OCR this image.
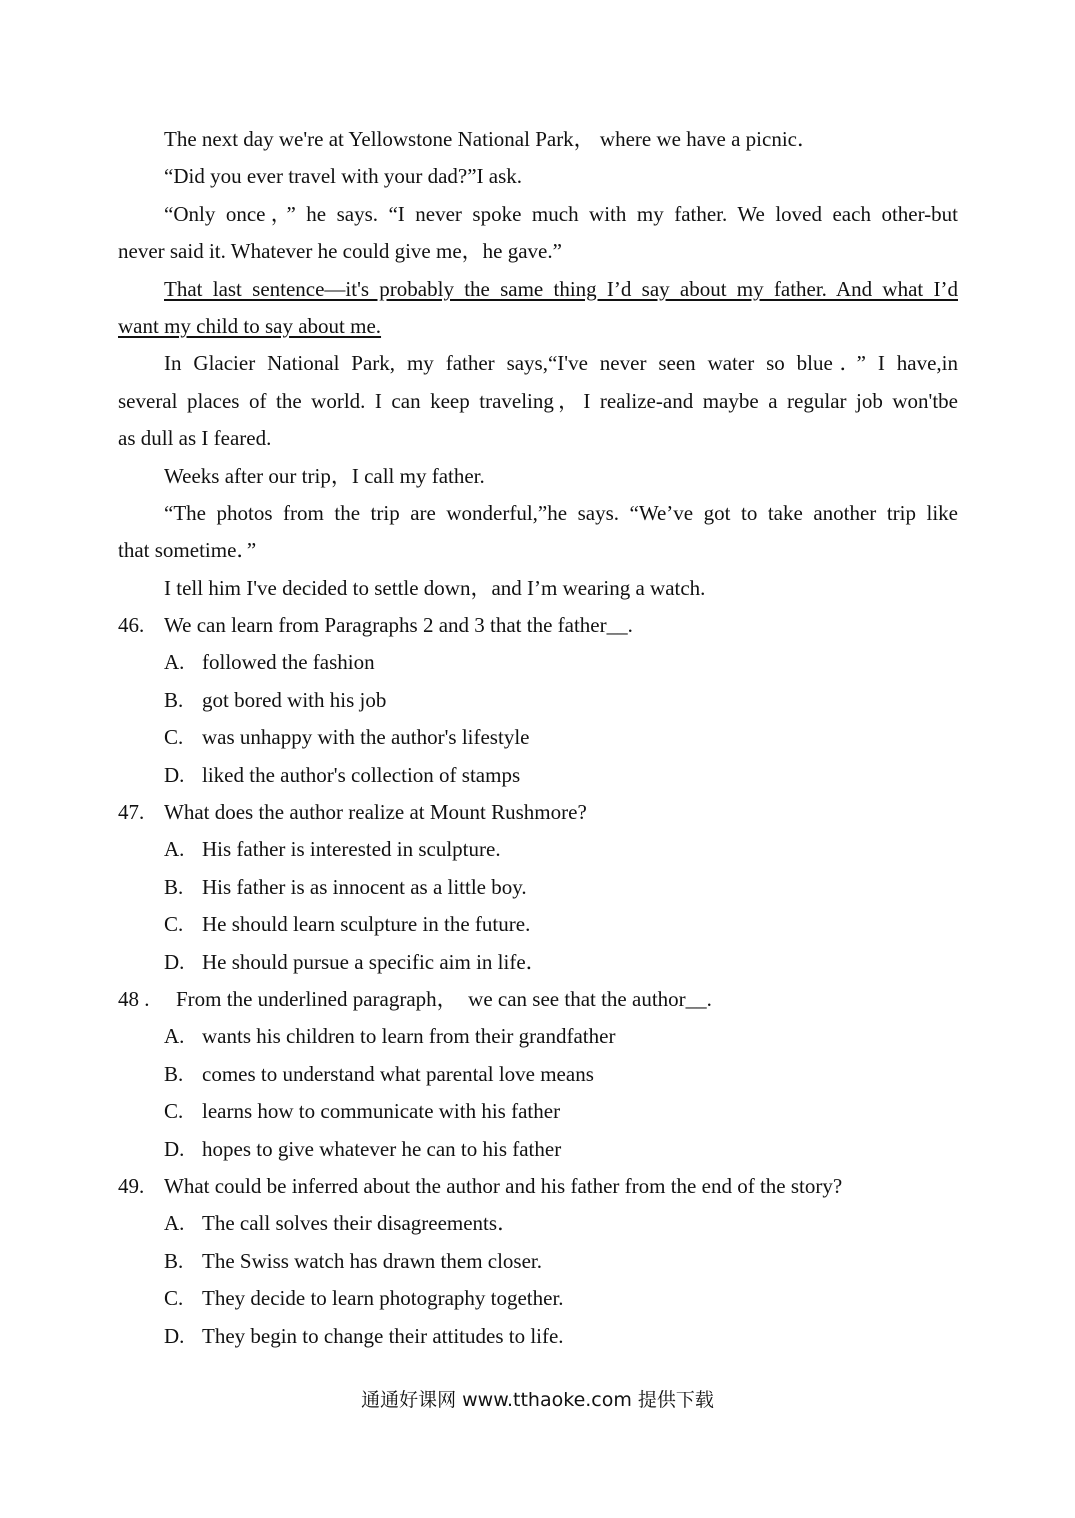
The next day we're at Yellowstone National Park， where we have a picnic．
“Did you ever travel with your dad?”I ask.
“Only once，” he says. “I never spoke much with my father. We loved each other-but
never said it. Whatever he could give me，he gave.”
That last sentence—it's probably the same thing I’d say about my father. And what I’d
want my child to say about me.
In Glacier National Park, my father says,“I've never seen water so blue．” I have,in
several places of the world. I can keep traveling，I realize-and maybe a regular job won'tbe
as dull as I feared.
Weeks after our trip，I call my father.
“The photos from the trip are wonderful,”he says. “We’ve got to take another trip like
that sometime．”
I tell him I've decided to settle down，and I’m wearing a watch.
46. We can learn from Paragraphs 2 and 3 that the father__.
A. followed the fashion
B. got bored with his job
C. was unhappy with the author's lifestyle
D. liked the author's collection of stamps
47. What does the author realize at Mount Rushmore?
A. His father is interested in sculpture.
B. His father is as innocent as a little boy.
C. He should learn sculpture in the future.
D. He should pursue a specific aim in life．
48 . From the underlined paragraph，  we can see that the author__.
A. wants his children to learn from their grandfather
B. comes to understand what parental love means
C. learns how to communicate with his father
D. hopes to give whatever he can to his father
49. What could be inferred about the author and his father from the end of the story?
A. The call solves their disagreements．
B. The Swiss watch has drawn them closer.
C. They decide to learn photography together.
D. They begin to change their attitudes to life.
通通好课网 www.tthaoke.com 提供下载
